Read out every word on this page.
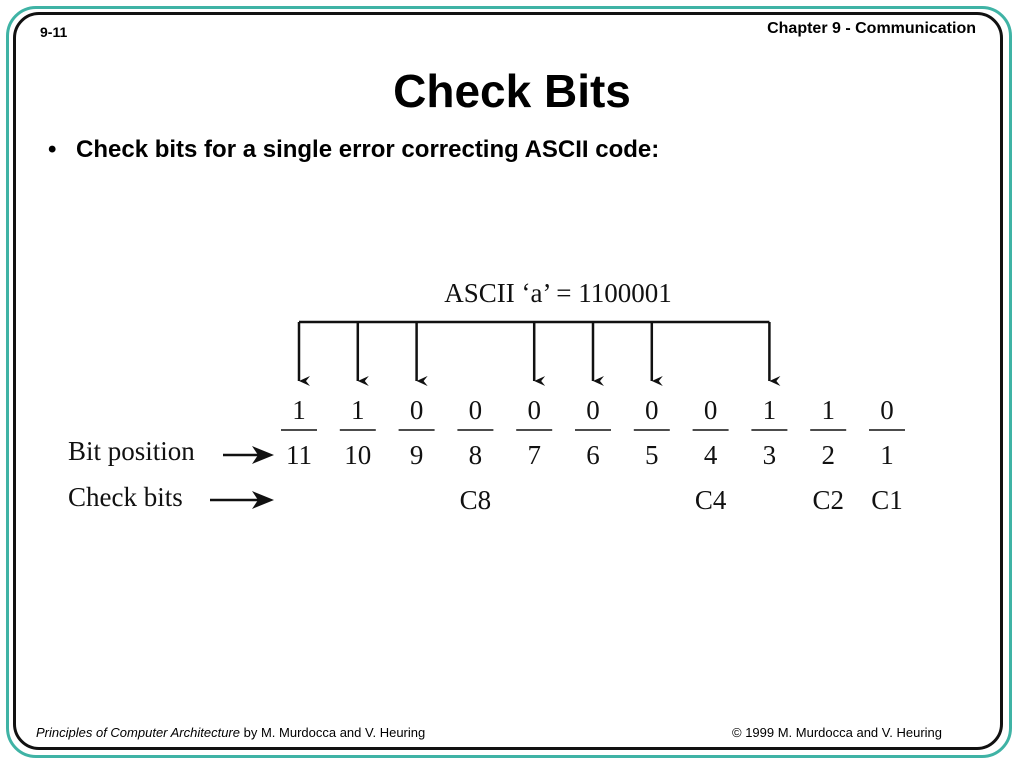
9-11	Chapter 9 - Communication
Check Bits
• Check bits for a single error correcting ASCII code:
ASCII ‘a’ = 1100001
1
11
1
10
0
9
0
8
C8
0
7
0
6
0
5
0
4
C4
1
3
1
2
C2
0
1
C1
Bit position
Check bits
Principles of Computer Architecture by M. Murdocca and V. Heuring	© 1999 M. Murdocca and V. Heuring
